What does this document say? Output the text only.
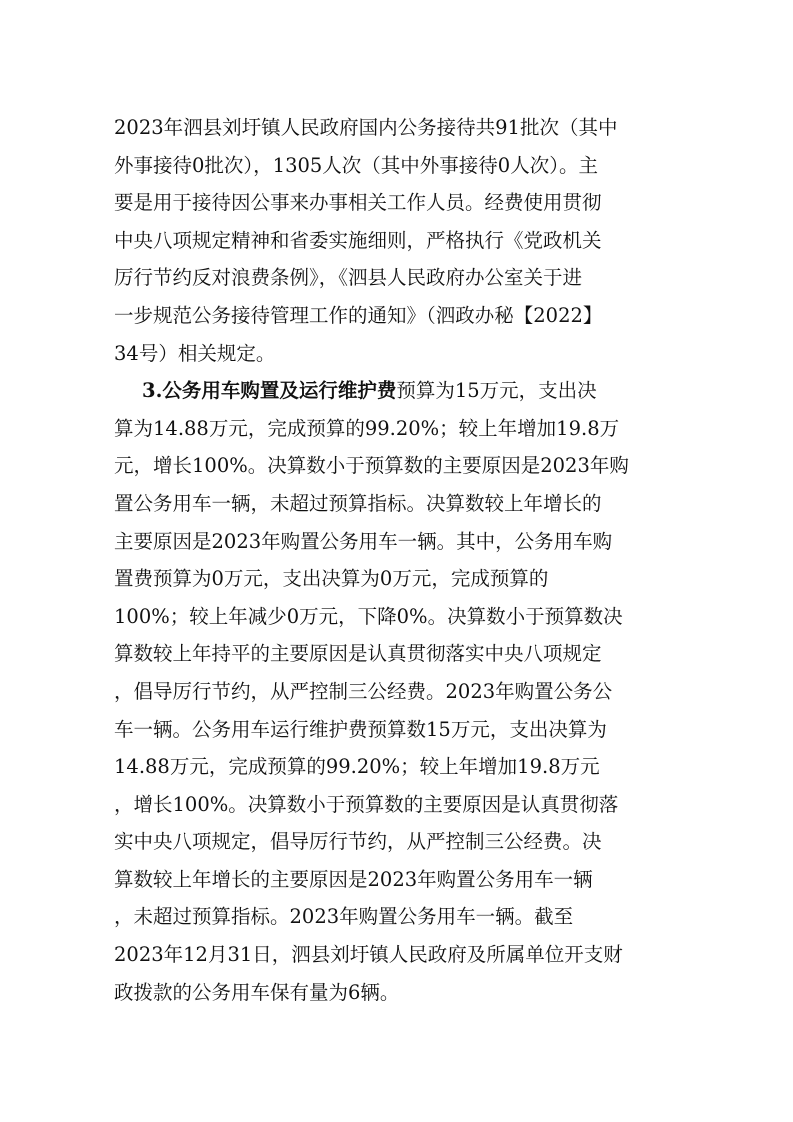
2023年泗县刘圩镇人民政府国内公务接待共91批次（其中
外事接待0批次），1305人次（其中外事接待0人次）。主
要是用于接待因公事来办事相关工作人员。经费使用贯彻
中央八项规定精神和省委实施细则，严格执行《党政机关
厉行节约反对浪费条例》，《泗县人民政府办公室关于进
一步规范公务接待管理工作的通知》（泗政办秘【2022】
34号）相关规定。
3.公务用车购置及运行维护费预算为15万元，支出决
算为14.88万元，完成预算的99.20%；较上年增加19.8万
元，增长100%。决算数小于预算数的主要原因是2023年购
置公务用车一辆，未超过预算指标。决算数较上年增长的
主要原因是2023年购置公务用车一辆。其中，公务用车购
置费预算为0万元，支出决算为0万元，完成预算的
100%；较上年减少0万元，下降0%。决算数小于预算数决
算数较上年持平的主要原因是认真贯彻落实中央八项规定
，倡导厉行节约，从严控制三公经费。2023年购置公务公
车一辆。公务用车运行维护费预算数15万元，支出决算为
14.88万元，完成预算的99.20%；较上年增加19.8万元
，增长100%。决算数小于预算数的主要原因是认真贯彻落
实中央八项规定，倡导厉行节约，从严控制三公经费。决
算数较上年增长的主要原因是2023年购置公务用车一辆
，未超过预算指标。2023年购置公务用车一辆。截至
2023年12月31日，泗县刘圩镇人民政府及所属单位开支财
政拨款的公务用车保有量为6辆。
